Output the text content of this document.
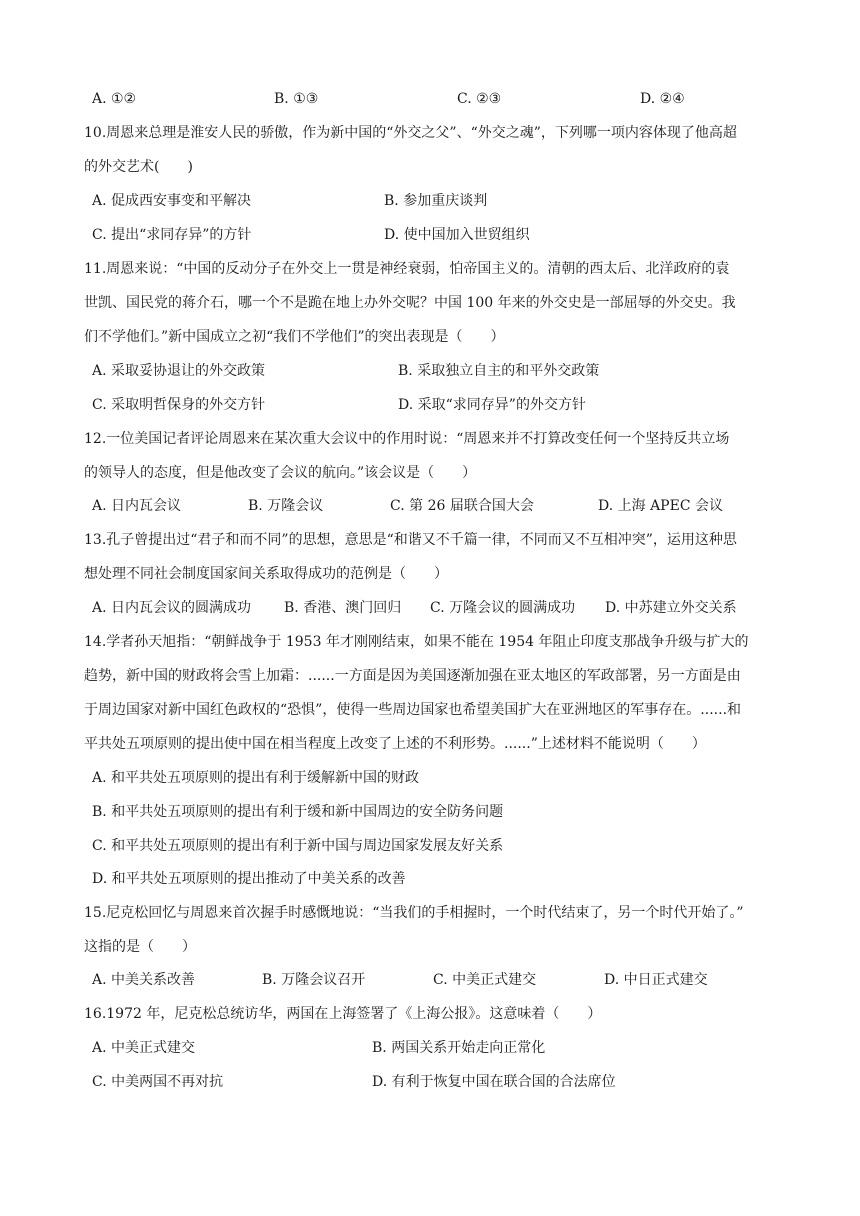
A. ①②	B. ①③	C. ②③	D. ②④
10.周恩来总理是淮安人民的骄傲，作为新中国的“外交之父”、“外交之魂”，下列哪一项内容体现了他高超
的外交艺术(　　)
A. 促成西安事变和平解决	B. 参加重庆谈判
C. 提出“求同存异”的方针	D. 使中国加入世贸组织
11.周恩来说：“中国的反动分子在外交上一贯是神经衰弱，怕帝国主义的。清朝的西太后、北洋政府的袁
世凯、国民党的蒋介石，哪一个不是跪在地上办外交呢？中国 100 年来的外交史是一部屈辱的外交史。我
们不学他们。”新中国成立之初“我们不学他们”的突出表现是（　　）
A. 采取妥协退让的外交政策	B. 采取独立自主的和平外交政策
C. 采取明哲保身的外交方针	D. 采取“求同存异”的外交方针
12.一位美国记者评论周恩来在某次重大会议中的作用时说：“周恩来并不打算改变任何一个坚持反共立场
的领导人的态度，但是他改变了会议的航向。”该会议是（　　）
A. 日内瓦会议	B. 万隆会议	C. 第 26 届联合国大会	D. 上海 APEC 会议
13.孔子曾提出过“君子和而不同”的思想，意思是“和谐又不千篇一律，不同而又不互相冲突”，运用这种思
想处理不同社会制度国家间关系取得成功的范例是（　　）
A. 日内瓦会议的圆满成功 B. 香港、澳门回归 C. 万隆会议的圆满成功 D. 中苏建立外交关系
14.学者孙天旭指：“朝鲜战争于 1953 年才刚刚结束，如果不能在 1954 年阻止印度支那战争升级与扩大的
趋势，新中国的财政将会雪上加霜：......一方面是因为美国逐渐加强在亚太地区的军政部署，另一方面是由
于周边国家对新中国红色政权的“恐惧”，使得一些周边国家也希望美国扩大在亚洲地区的军事存在。......和
平共处五项原则的提出使中国在相当程度上改变了上述的不利形势。......”上述材料不能说明（　　）
A. 和平共处五项原则的提出有利于缓解新中国的财政
B. 和平共处五项原则的提出有利于缓和新中国周边的安全防务问题
C. 和平共处五项原则的提出有利于新中国与周边国家发展友好关系
D. 和平共处五项原则的提出推动了中美关系的改善
15.尼克松回忆与周恩来首次握手时感慨地说：“当我们的手相握时，一个时代结束了，另一个时代开始了。”
这指的是（　　）
A. 中美关系改善	B. 万隆会议召开	C. 中美正式建交	D. 中日正式建交
16.1972 年，尼克松总统访华，两国在上海签署了《上海公报》。这意味着（　　）
A. 中美正式建交	B. 两国关系开始走向正常化
C. 中美两国不再对抗	D. 有利于恢复中国在联合国的合法席位
